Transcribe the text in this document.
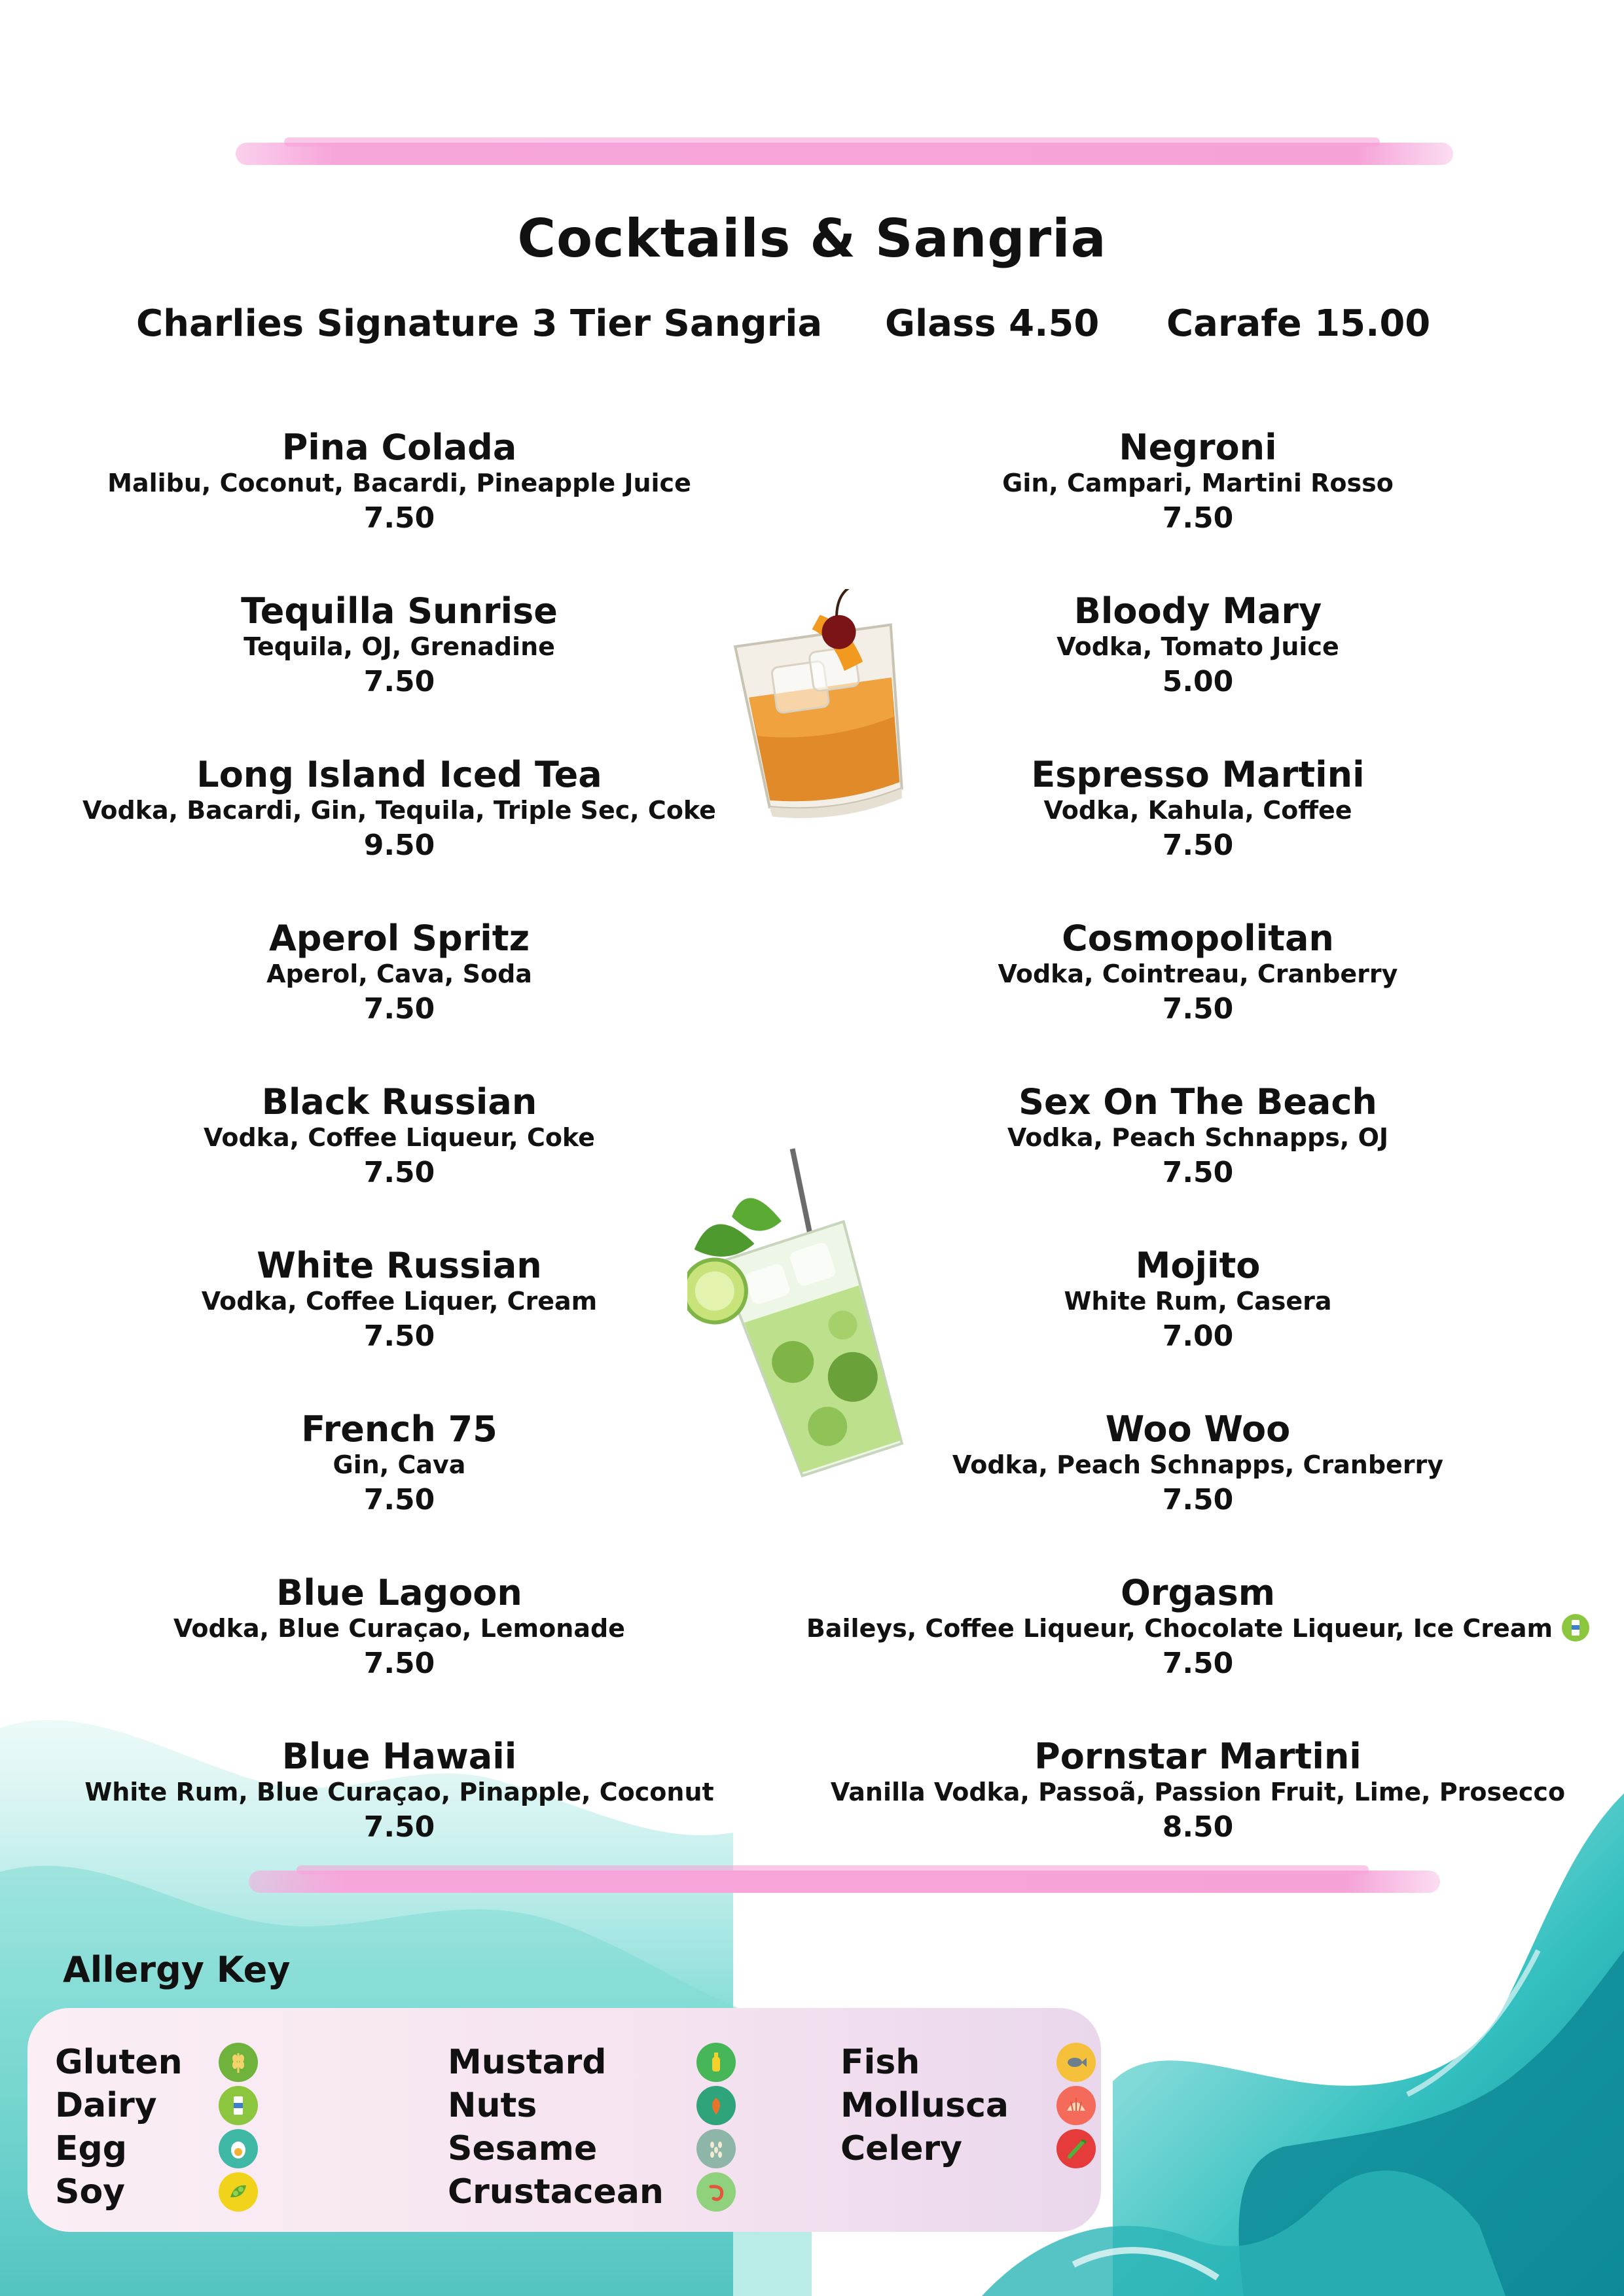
Cocktails & Sangria
Charlies Signature 3 Tier Sangria Glass 4.50 Carafe 15.00
Pina Colada
Malibu, Coconut, Bacardi, Pineapple Juice
7.50
Tequilla Sunrise
Tequila, OJ, Grenadine
7.50
Long Island Iced Tea
Vodka, Bacardi, Gin, Tequila, Triple Sec, Coke
9.50
Aperol Spritz
Aperol, Cava, Soda
7.50
Black Russian
Vodka, Coffee Liqueur, Coke
7.50
White Russian
Vodka, Coffee Liquer, Cream
7.50
French 75
Gin, Cava
7.50
Blue Lagoon
Vodka, Blue Curaçao, Lemonade
7.50
Blue Hawaii
White Rum, Blue Curaçao, Pinapple, Coconut
7.50
Negroni
Gin, Campari, Martini Rosso
7.50
Bloody Mary
Vodka, Tomato Juice
5.00
Espresso Martini
Vodka, Kahula, Coffee
7.50
Cosmopolitan
Vodka, Cointreau, Cranberry
7.50
Sex On The Beach
Vodka, Peach Schnapps, OJ
7.50
Mojito
White Rum, Casera
7.00
Woo Woo
Vodka, Peach Schnapps, Cranberry
7.50
Orgasm
Baileys, Coffee Liqueur, Chocolate Liqueur, Ice Cream
7.50
Pornstar Martini
Vanilla Vodka, Passoã, Passion Fruit, Lime, Prosecco
8.50
Allergy Key
Gluten
Dairy
Egg
Soy
Mustard
Nuts
Sesame
Crustacean
Fish
Mollusca
Celery
